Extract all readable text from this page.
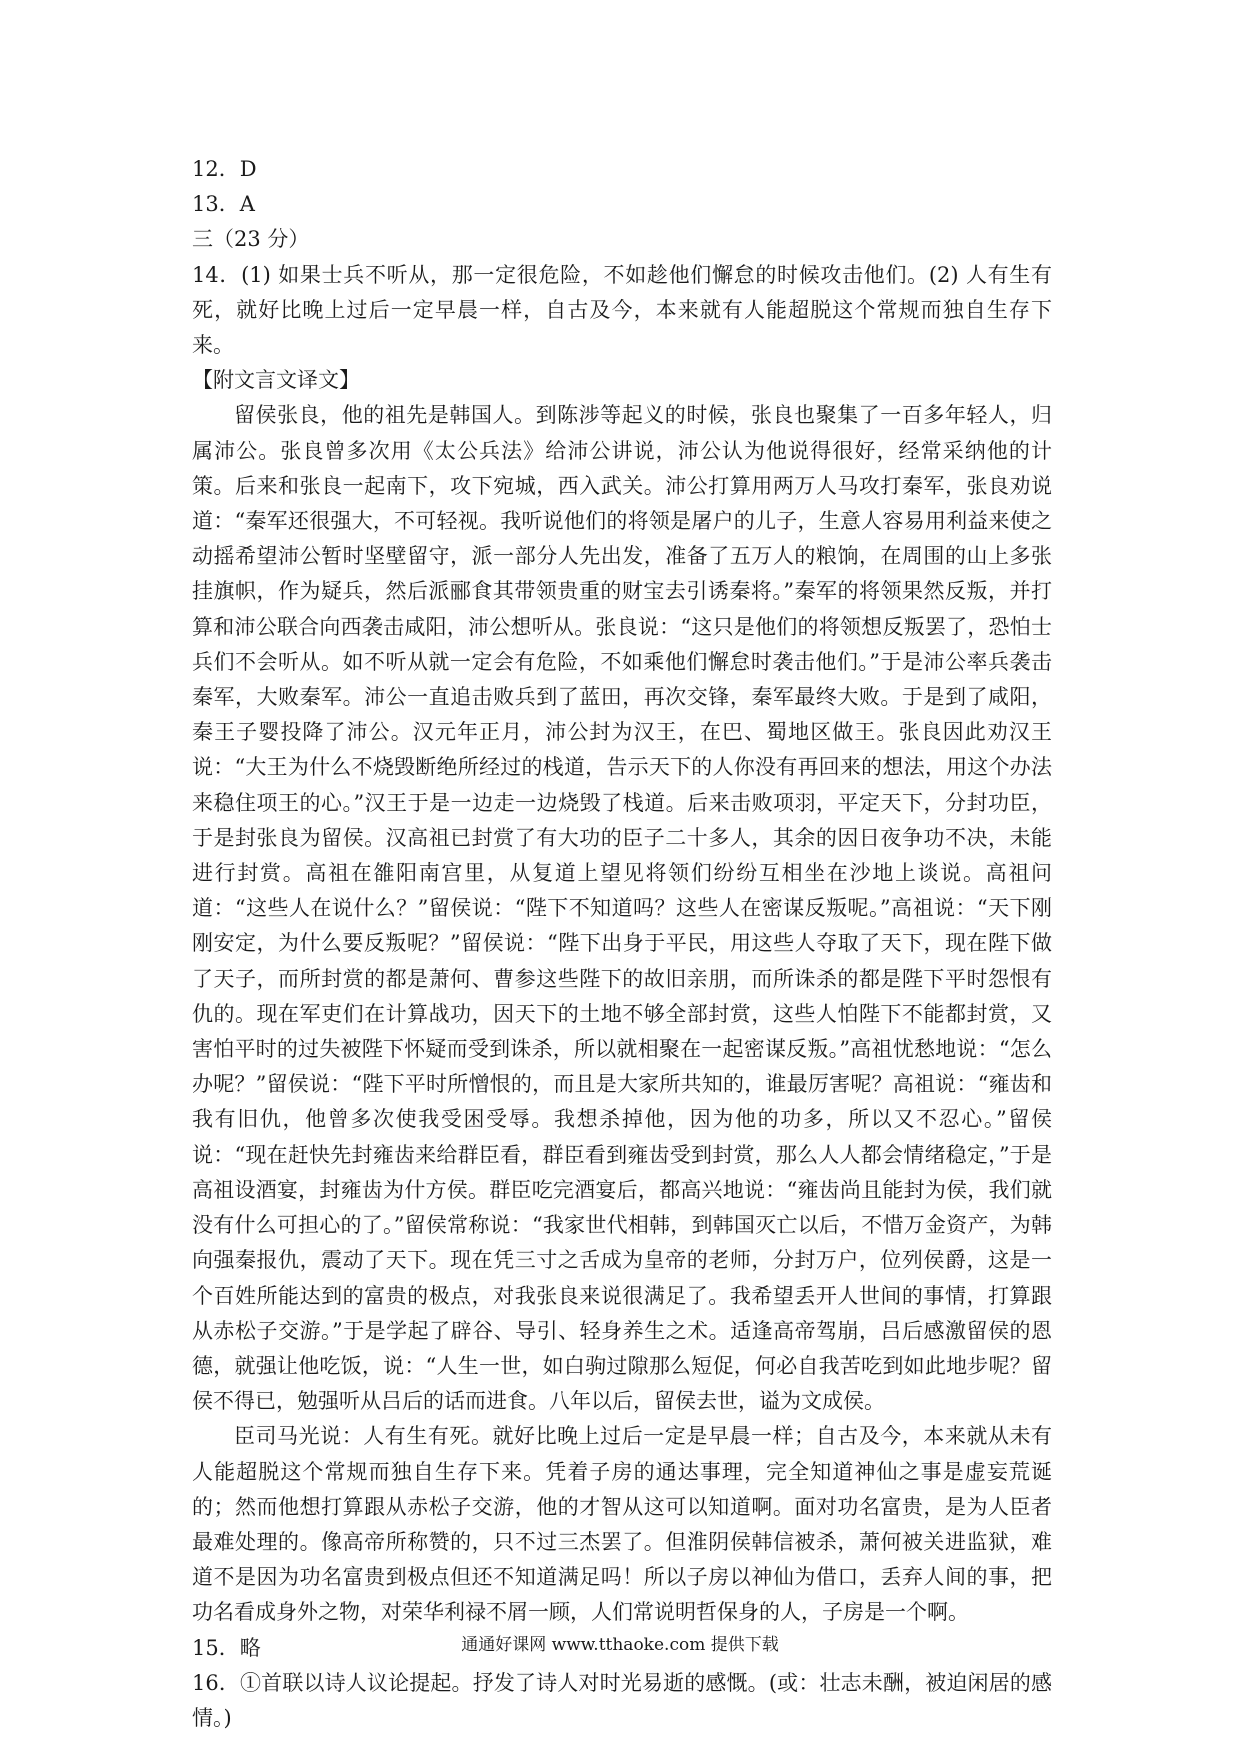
12．D
13．A
三（23 分）
14．(1) 如果士兵不听从，那一定很危险，不如趁他们懈怠的时候攻击他们。(2) 人有生有死，就好比晚上过后一定早晨一样，自古及今，本来就有人能超脱这个常规而独自生存下来。
【附文言文译文】
留侯张良，他的祖先是韩国人。到陈涉等起义的时候，张良也聚集了一百多年轻人，归属沛公。张良曾多次用《太公兵法》给沛公讲说，沛公认为他说得很好，经常采纳他的计策。后来和张良一起南下，攻下宛城，西入武关。沛公打算用两万人马攻打秦军，张良劝说道：“秦军还很强大，不可轻视。我听说他们的将领是屠户的儿子，生意人容易用利益来使之动摇希望沛公暂时坚壁留守，派一部分人先出发，准备了五万人的粮饷，在周围的山上多张挂旗帜，作为疑兵，然后派郦食其带领贵重的财宝去引诱秦将。”秦军的将领果然反叛，并打算和沛公联合向西袭击咸阳，沛公想听从。张良说：“这只是他们的将领想反叛罢了，恐怕士兵们不会听从。如不听从就一定会有危险，不如乘他们懈怠时袭击他们。”于是沛公率兵袭击秦军，大败秦军。沛公一直追击败兵到了蓝田，再次交锋，秦军最终大败。于是到了咸阳，秦王子婴投降了沛公。汉元年正月，沛公封为汉王，在巴、蜀地区做王。张良因此劝汉王说：“大王为什么不烧毁断绝所经过的栈道，告示天下的人你没有再回来的想法，用这个办法来稳住项王的心。”汉王于是一边走一边烧毁了栈道。后来击败项羽，平定天下，分封功臣，于是封张良为留侯。汉高祖已封赏了有大功的臣子二十多人，其余的因日夜争功不决，未能进行封赏。高祖在雒阳南宫里，从复道上望见将领们纷纷互相坐在沙地上谈说。高祖问道：“这些人在说什么？”留侯说：“陛下不知道吗？这些人在密谋反叛呢。”高祖说：“天下刚刚安定，为什么要反叛呢？”留侯说：“陛下出身于平民，用这些人夺取了天下，现在陛下做了天子，而所封赏的都是萧何、曹参这些陛下的故旧亲朋，而所诛杀的都是陛下平时怨恨有仇的。现在军吏们在计算战功，因天下的土地不够全部封赏，这些人怕陛下不能都封赏，又害怕平时的过失被陛下怀疑而受到诛杀，所以就相聚在一起密谋反叛。”高祖忧愁地说：“怎么办呢？”留侯说：“陛下平时所憎恨的，而且是大家所共知的，谁最厉害呢？高祖说：“雍齿和我有旧仇，他曾多次使我受困受辱。我想杀掉他，因为他的功多，所以又不忍心。”留侯说：“现在赶快先封雍齿来给群臣看，群臣看到雍齿受到封赏，那么人人都会情绪稳定，”于是高祖设酒宴，封雍齿为什方侯。群臣吃完酒宴后，都高兴地说：“雍齿尚且能封为侯，我们就没有什么可担心的了。”留侯常称说：“我家世代相韩，到韩国灭亡以后，不惜万金资产，为韩向强秦报仇，震动了天下。现在凭三寸之舌成为皇帝的老师，分封万户，位列侯爵，这是一个百姓所能达到的富贵的极点，对我张良来说很满足了。我希望丢开人世间的事情，打算跟从赤松子交游。”于是学起了辟谷、导引、轻身养生之术。适逢高帝驾崩，吕后感激留侯的恩德，就强让他吃饭，说：“人生一世，如白驹过隙那么短促，何必自我苦吃到如此地步呢？留侯不得已，勉强听从吕后的话而进食。八年以后，留侯去世，谥为文成侯。
臣司马光说：人有生有死。就好比晚上过后一定是早晨一样；自古及今，本来就从未有人能超脱这个常规而独自生存下来。凭着子房的通达事理，完全知道神仙之事是虚妄荒诞的；然而他想打算跟从赤松子交游，他的才智从这可以知道啊。面对功名富贵，是为人臣者最难处理的。像高帝所称赞的，只不过三杰罢了。但淮阴侯韩信被杀，萧何被关进监狱，难道不是因为功名富贵到极点但还不知道满足吗！所以子房以神仙为借口，丢弃人间的事，把功名看成身外之物，对荣华利禄不屑一顾，人们常说明哲保身的人，子房是一个啊。
15．略
16．①首联以诗人议论提起。抒发了诗人对时光易逝的感慨。(或：壮志未酬，被迫闲居的感情。)
通通好课网 www.tthaoke.com 提供下载
